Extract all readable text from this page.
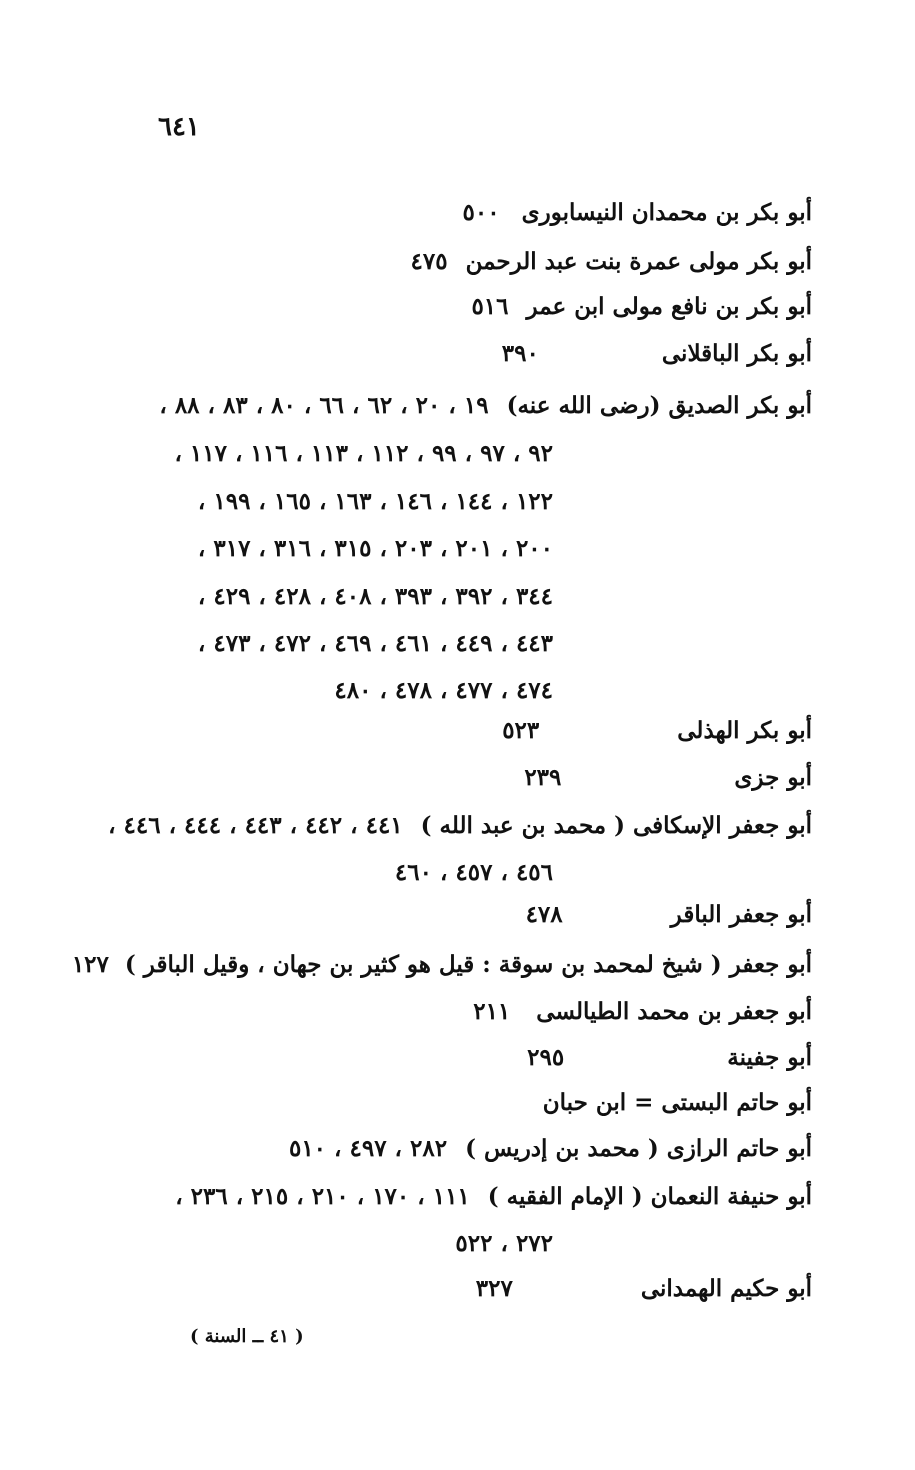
٦٤١
أبو بكر بن محمدان النيسابورى ٥٠٠
أبو بكر مولى عمرة بنت عبد الرحمن ٤٧٥
أبو بكر بن نافع مولى ابن عمر ٥١٦
أبو بكر الباقلانى ٣٩٠
أبو بكر الصديق (رضى الله عنه) ١٩ ، ٢٠ ، ٦٢ ، ٦٦ ، ٨٠ ، ٨٣ ، ٨٨ ،
٩٢ ، ٩٧ ، ٩٩ ، ١١٢ ، ١١٣ ، ١١٦ ، ١١٧ ،
١٢٢ ، ١٤٤ ، ١٤٦ ، ١٦٣ ، ١٦٥ ، ١٩٩ ،
٢٠٠ ، ٢٠١ ، ٢٠٣ ، ٣١٥ ، ٣١٦ ، ٣١٧ ،
٣٤٤ ، ٣٩٢ ، ٣٩٣ ، ٤٠٨ ، ٤٢٨ ، ٤٢٩ ،
٤٤٣ ، ٤٤٩ ، ٤٦١ ، ٤٦٩ ، ٤٧٢ ، ٤٧٣ ،
٤٧٤ ، ٤٧٧ ، ٤٧٨ ، ٤٨٠
أبو بكر الهذلى ٥٢٣
أبو جزى ٢٣٩
أبو جعفر الإسكافى ( محمد بن عبد الله ) ٤٤١ ، ٤٤٢ ، ٤٤٣ ، ٤٤٤ ، ٤٤٦ ،
٤٥٦ ، ٤٥٧ ، ٤٦٠
أبو جعفر الباقر ٤٧٨
أبو جعفر ( شيخ لمحمد بن سوقة : قيل هو كثير بن جهان ، وقيل الباقر ) ١٢٧
أبو جعفر بن محمد الطيالسى ٢١١
أبو جفينة ٢٩٥
أبو حاتم البستى = ابن حبان
أبو حاتم الرازى ( محمد بن إدريس ) ٢٨٢ ، ٤٩٧ ، ٥١٠
أبو حنيفة النعمان ( الإمام الفقيه ) ١١١ ، ١٧٠ ، ٢١٠ ، ٢١٥ ، ٢٣٦ ،
٢٧٢ ، ٥٢٢
أبو حكيم الهمدانى ٣٢٧
( ٤١ ــ السنة )
